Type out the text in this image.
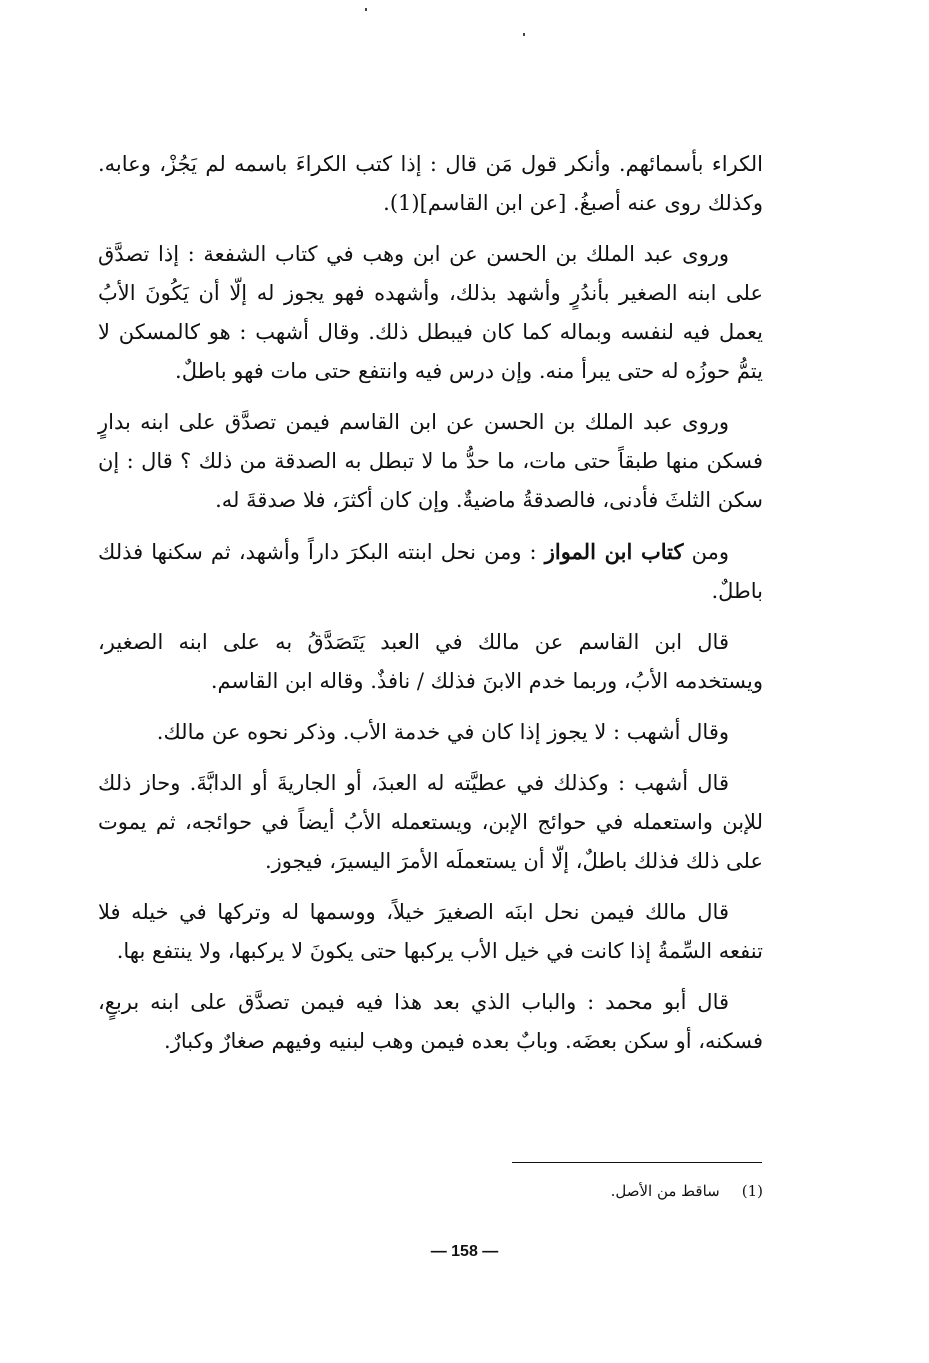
الكراء بأسمائهم. وأنكر قول مَن قال : إذا كتب الكراءَ باسمه لم يَجُزْ، وعابه. وكذلك روى عنه أصبغُ. [عن ابن القاسم](1).

وروى عبد الملك بن الحسن عن ابن وهب في كتاب الشفعة : إذا تصدَّق على ابنه الصغير بأندُرٍ وأشهد بذلك، وأشهده فهو يجوز له إلّا أن يَكُونَ الأبُ يعمل فيه لنفسه وبماله كما كان فيبطل ذلك. وقال أشهب : هو كالمسكن لا يتمُّ حوزُه له حتى يبرأ منه. وإن درس فيه وانتفع حتى مات فهو باطلٌ.

وروى عبد الملك بن الحسن عن ابن القاسم فيمن تصدَّق على ابنه بدارٍ فسكن منها طبقاً حتى مات، ما حدُّ ما لا تبطل به الصدقة من ذلك ؟ قال : إن سكن الثلثَ فأدنى، فالصدقةُ ماضيةٌ. وإن كان أكثرَ، فلا صدقةَ له.

ومن كتاب ابن المواز : ومن نحل ابنته البكرَ داراً وأشهد، ثم سكنها فذلك باطلٌ.

قال ابن القاسم عن مالك في العبد يَتَصَدَّقُ به على ابنه الصغير، ويستخدمه الأبُ، وربما خدم الابنَ فذلك / نافذٌ. وقاله ابن القاسم.

وقال أشهب : لا يجوز إذا كان في خدمة الأب. وذكر نحوه عن مالك.

قال أشهب : وكذلك في عطيَّته له العبدَ، أو الجاريةَ أو الدابَّةَ. وحاز ذلك للإبن واستعمله في حوائج الإبن، ويستعمله الأبُ أيضاً في حوائجه، ثم يموت على ذلك فذلك باطلٌ، إلّا أن يستعملَه الأمرَ اليسيرَ، فيجوز.

قال مالك فيمن نحل ابنَه الصغيرَ خيلاً، ووسمها له وتركها في خيله فلا تنفعه السِّمةُ إذا كانت في خيل الأب يركبها حتى يكونَ لا يركبها، ولا ينتفع بها.

قال أبو محمد : والباب الذي بعد هذا فيه فيمن تصدَّق على ابنه بربعٍ، فسكنه، أو سكن بعضَه. وبابٌ بعده فيمن وهب لبنيه وفيهم صغارٌ وكبارٌ.

(1)ساقط من الأصل.
— 158 —
